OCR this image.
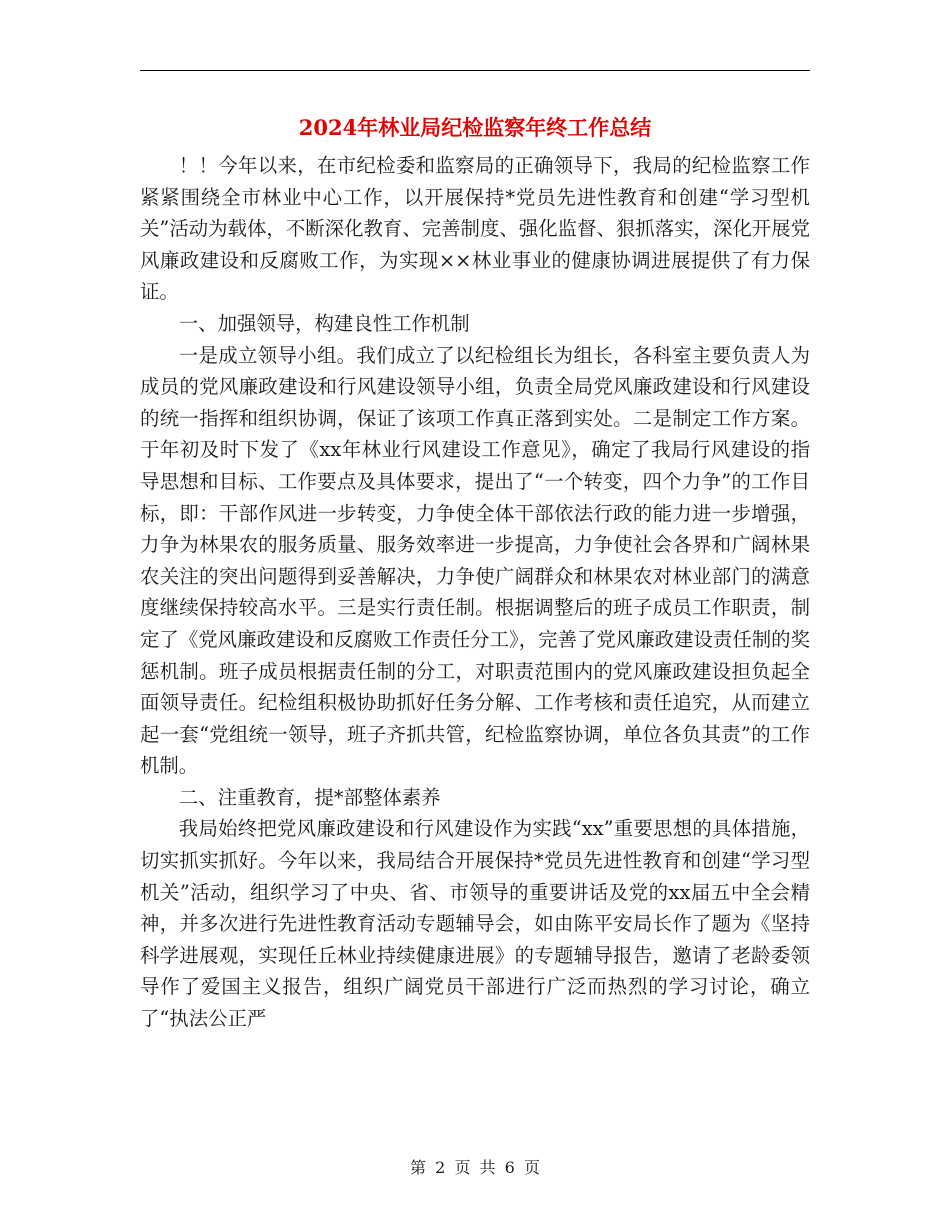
2024年林业局纪检监察年终工作总结

！！今年以来，在市纪检委和监察局的正确领导下，我局的纪检监察工作紧紧围绕全市林业中心工作，以开展保持*党员先进性教育和创建“学习型机关”活动为载体，不断深化教育、完善制度、强化监督、狠抓落实，深化开展党风廉政建设和反腐败工作，为实现××林业事业的健康协调进展提供了有力保证。

一、加强领导，构建良性工作机制

一是成立领导小组。我们成立了以纪检组长为组长，各科室主要负责人为成员的党风廉政建设和行风建设领导小组，负责全局党风廉政建设和行风建设的统一指挥和组织协调，保证了该项工作真正落到实处。二是制定工作方案。于年初及时下发了《xx年林业行风建设工作意见》，确定了我局行风建设的指导思想和目标、工作要点及具体要求，提出了“一个转变，四个力争”的工作目标，即：干部作风进一步转变，力争使全体干部依法行政的能力进一步增强，力争为林果农的服务质量、服务效率进一步提高，力争使社会各界和广阔林果农关注的突出问题得到妥善解决，力争使广阔群众和林果农对林业部门的满意度继续保持较高水平。三是实行责任制。根据调整后的班子成员工作职责，制定了《党风廉政建设和反腐败工作责任分工》，完善了党风廉政建设责任制的奖惩机制。班子成员根据责任制的分工，对职责范围内的党风廉政建设担负起全面领导责任。纪检组积极协助抓好任务分解、工作考核和责任追究，从而建立起一套“党组统一领导，班子齐抓共管，纪检监察协调，单位各负其责”的工作机制。

二、注重教育，提*部整体素养

我局始终把党风廉政建设和行风建设作为实践“xx”重要思想的具体措施，切实抓实抓好。今年以来，我局结合开展保持*党员先进性教育和创建“学习型机关”活动，组织学习了中央、省、市领导的重要讲话及党的xx届五中全会精神，并多次进行先进性教育活动专题辅导会，如由陈平安局长作了题为《坚持科学进展观，实现任丘林业持续健康进展》的专题辅导报告，邀请了老龄委领导作了爱国主义报告，组织广阔党员干部进行广泛而热烈的学习讨论，确立了“执法公正严

第 2 页 共 6 页
